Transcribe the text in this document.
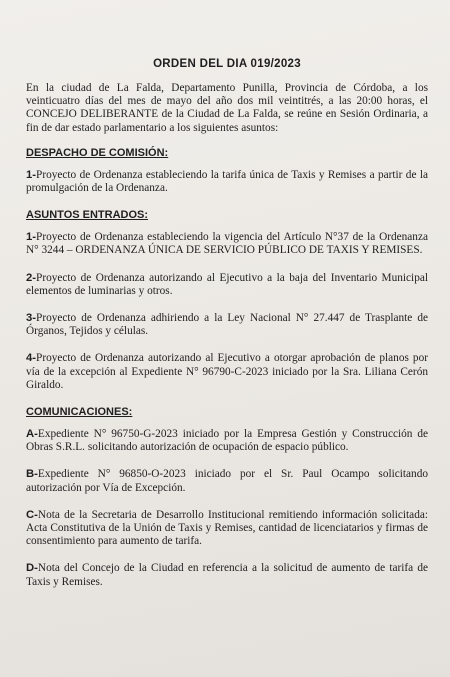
ORDEN DEL DIA 019/2023

En la ciudad de La Falda, Departamento Punilla, Provincia de Córdoba, a los veinticuatro días del mes de mayo del año dos mil veintitrés, a las 20:00 horas, el CONCEJO DELIBERANTE de la Ciudad de La Falda, se reúne en Sesión Ordinaria, a fin de dar estado parlamentario a los siguientes asuntos:

DESPACHO DE COMISIÓN:

1-Proyecto de Ordenanza estableciendo la tarifa única de Taxis y Remises a partir de la promulgación de la Ordenanza.

ASUNTOS ENTRADOS:

1-Proyecto de Ordenanza estableciendo la vigencia del Artículo N°37 de la Ordenanza N° 3244 – ORDENANZA ÚNICA DE SERVICIO PÚBLICO DE TAXIS Y REMISES.

2-Proyecto de Ordenanza autorizando al Ejecutivo a la baja del Inventario Municipal elementos de luminarias y otros.

3-Proyecto de Ordenanza adhiriendo a la Ley Nacional N° 27.447 de Trasplante de Órganos, Tejidos y células.

4-Proyecto de Ordenanza autorizando al Ejecutivo a otorgar aprobación de planos por vía de la excepción al Expediente N° 96790-C-2023 iniciado por la Sra. Liliana Cerón Giraldo.

COMUNICACIONES:

A-Expediente N° 96750-G-2023 iniciado por la Empresa Gestión y Construcción de Obras S.R.L. solicitando autorización de ocupación de espacio público.

B-Expediente N° 96850-O-2023 iniciado por el Sr. Paul Ocampo solicitando autorización por Vía de Excepción.

C-Nota de la Secretaria de Desarrollo Institucional remitiendo información solicitada: Acta Constitutiva de la Unión de Taxis y Remises, cantidad de licenciatarios y firmas de consentimiento para aumento de tarifa.

D-Nota del Concejo de la Ciudad en referencia a la solicitud de aumento de tarifa de Taxis y Remises.
